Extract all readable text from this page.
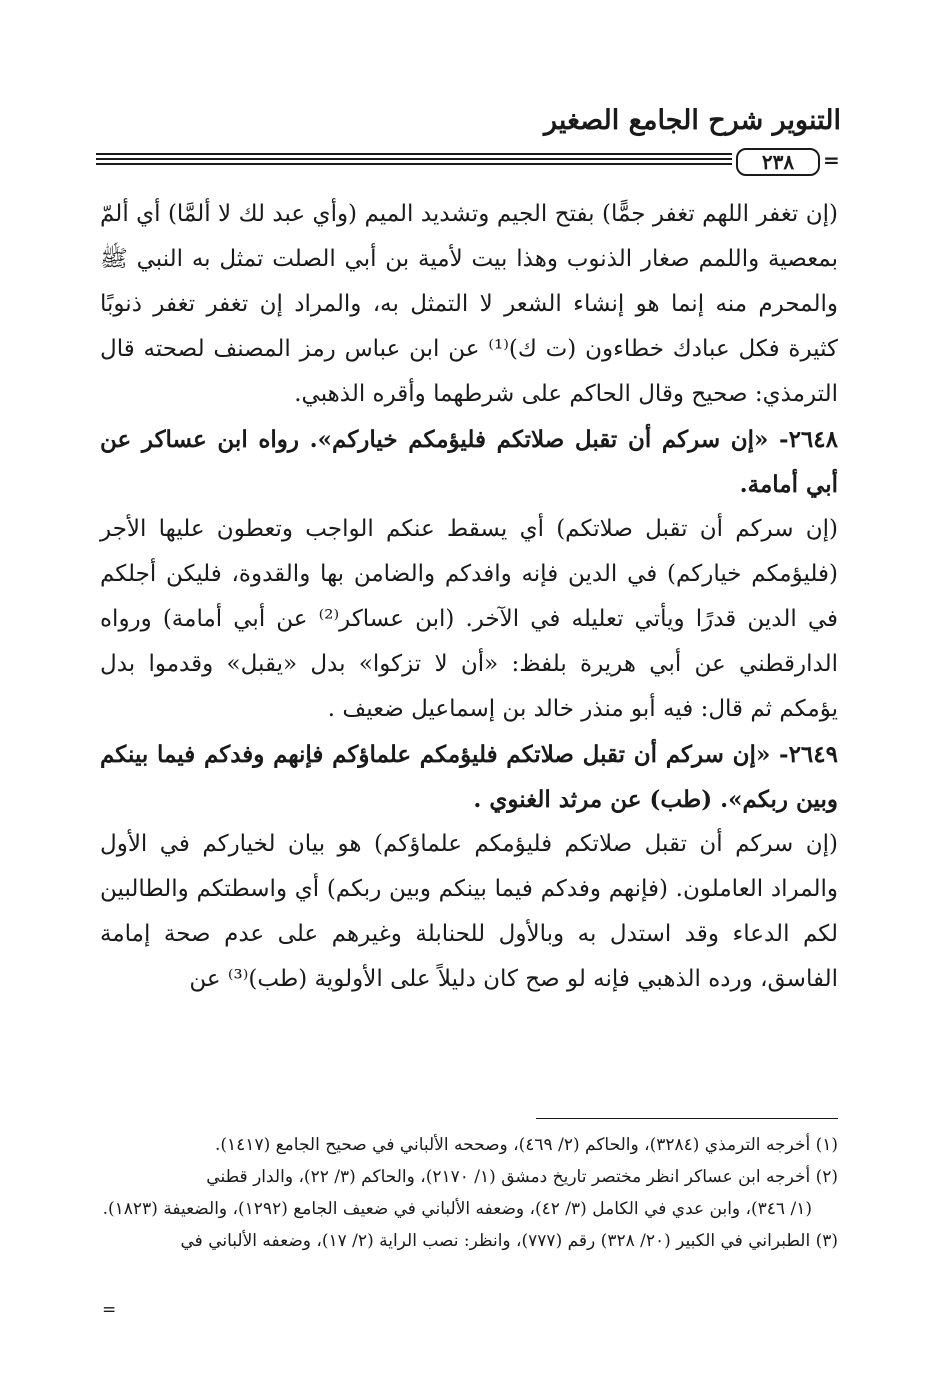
التنوير شرح الجامع الصغير
٢٣٨	=

(إن تغفر اللهم تغفر جمًّا) بفتح الجيم وتشديد الميم (وأي عبد لك لا ألمَّا) أي ألمّ بمعصية واللمم صغار الذنوب وهذا بيت لأمية بن أبي الصلت تمثل به النبي ﷺ والمحرم منه إنما هو إنشاء الشعر لا التمثل به، والمراد إن تغفر تغفر ذنوبًا كثيرة فكل عبادك خطاءون (ت ك)⁽¹⁾ عن ابن عباس رمز المصنف لصحته قال الترمذي: صحيح وقال الحاكم على شرطهما وأقره الذهبي.

٢٦٤٨- «إن سركم أن تقبل صلاتكم فليؤمكم خياركم». رواه ابن عساكر عن أبي أمامة.

(إن سركم أن تقبل صلاتكم) أي يسقط عنكم الواجب وتعطون عليها الأجر (فليؤمكم خياركم) في الدين فإنه وافدكم والضامن بها والقدوة، فليكن أجلكم في الدين قدرًا ويأتي تعليله في الآخر. (ابن عساكر⁽²⁾ عن أبي أمامة) ورواه الدارقطني عن أبي هريرة بلفظ: «أن لا تزكوا» بدل «يقبل» وقدموا بدل يؤمكم ثم قال: فيه أبو منذر خالد بن إسماعيل ضعيف .

٢٦٤٩- «إن سركم أن تقبل صلاتكم فليؤمكم علماؤكم فإنهم وفدكم فيما بينكم وبين ربكم». (طب) عن مرثد الغنوي .

(إن سركم أن تقبل صلاتكم فليؤمكم علماؤكم) هو بيان لخياركم في الأول والمراد العاملون. (فإنهم وفدكم فيما بينكم وبين ربكم) أي واسطتكم والطالبين لكم الدعاء وقد استدل به وبالأول للحنابلة وغيرهم على عدم صحة إمامة الفاسق، ورده الذهبي فإنه لو صح كان دليلاً على الأولوية (طب)⁽³⁾ عن

(١) أخرجه الترمذي (٣٢٨٤)، والحاكم (٢/ ٤٦٩)، وصححه الألباني في صحيح الجامع (١٤١٧).

(٢) أخرجه ابن عساكر انظر مختصر تاريخ دمشق (١/ ٢١٧٠)، والحاكم (٣/ ٢٢)، والدار قطني

(١/ ٣٤٦)، وابن عدي في الكامل (٣/ ٤٢)، وضعفه الألباني في ضعيف الجامع (١٢٩٢)، والضعيفة (١٨٢٣).

(٣) الطبراني في الكبير (٢٠/ ٣٢٨) رقم (٧٧٧)، وانظر: نصب الراية (٢/ ١٧)، وضعفه الألباني في

=
